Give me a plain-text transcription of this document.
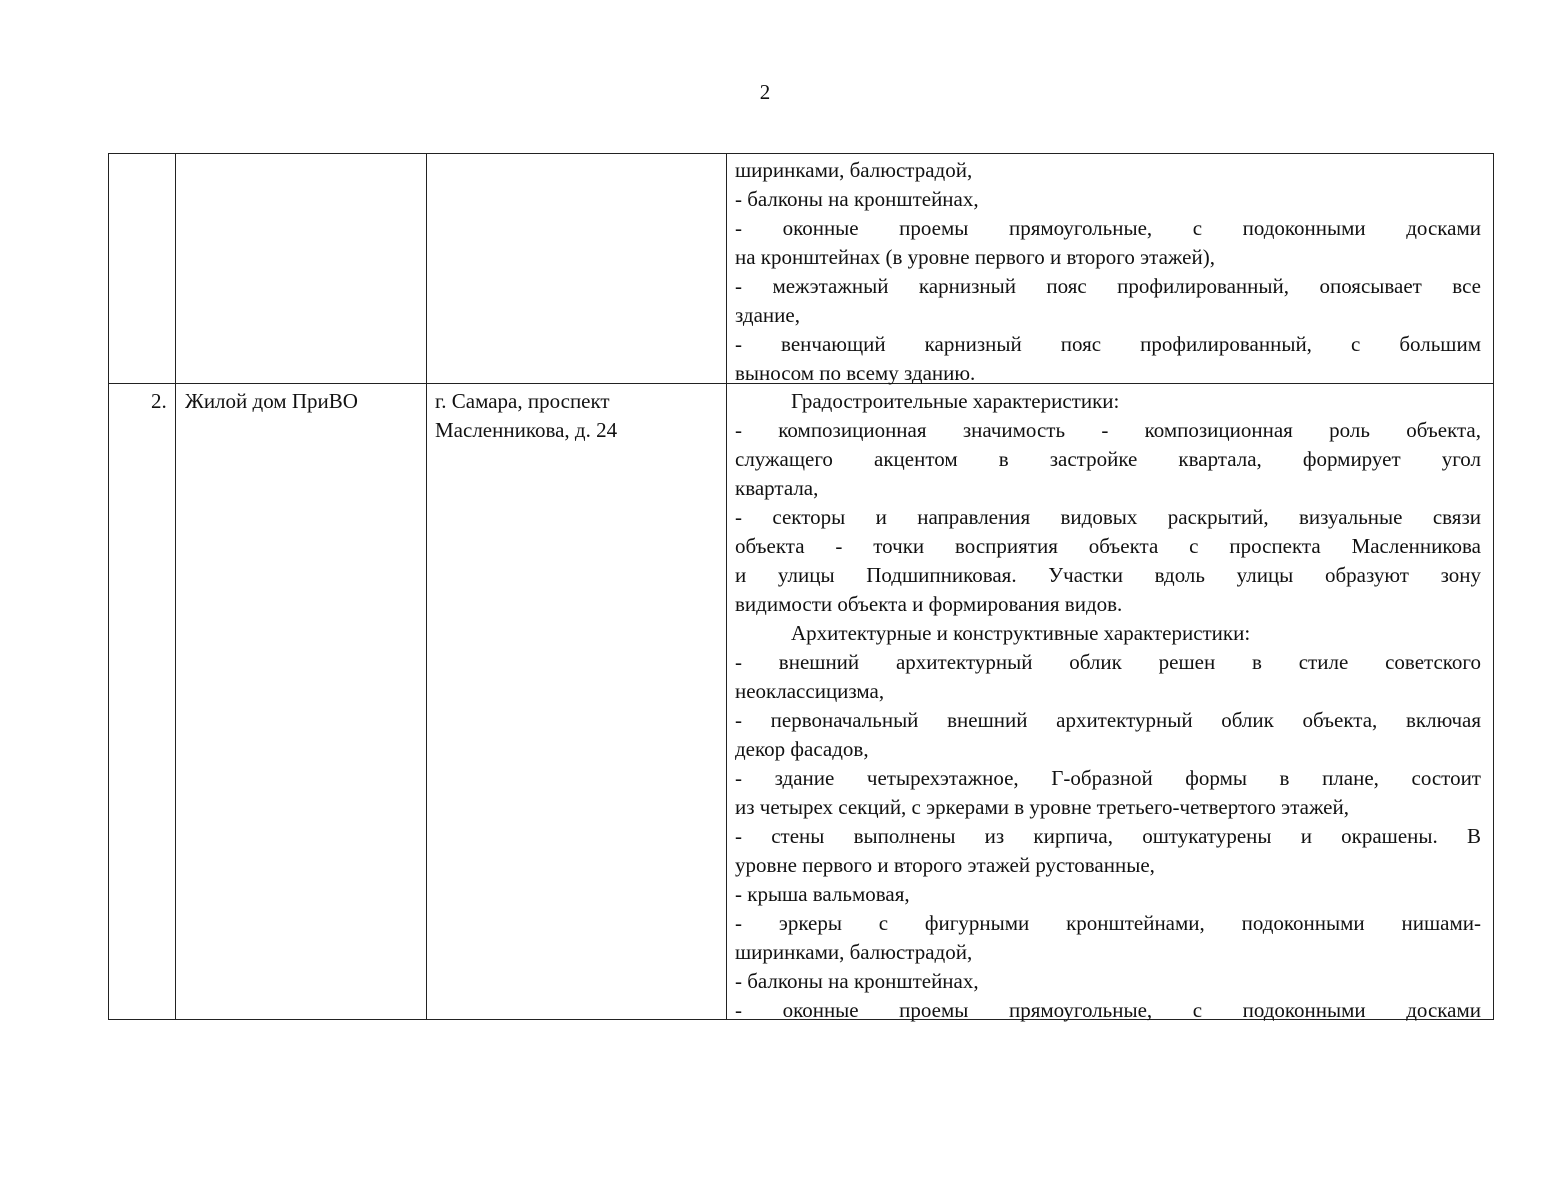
2
ширинками, балюстрадой,
- балконы на кронштейнах,
- оконные проемы прямоугольные, с подоконными досками
на кронштейнах (в уровне первого и второго этажей),
- межэтажный карнизный пояс профилированный, опоясывает все
здание,
- венчающий карнизный пояс профилированный, с большим
выносом по всему зданию.
2. Жилой дом ПриВО	г. Самара, проспект
Масленникова, д. 24
Градостроительные характеристики:
- композиционная значимость - композиционная роль объекта,
служащего акцентом в застройке квартала, формирует угол
квартала,
- секторы и направления видовых раскрытий, визуальные связи
объекта - точки восприятия объекта с проспекта Масленникова
и улицы Подшипниковая. Участки вдоль улицы образуют зону
видимости объекта и формирования видов.
Архитектурные и конструктивные характеристики:
- внешний архитектурный облик решен в стиле советского
неоклассицизма,
- первоначальный внешний архитектурный облик объекта, включая
декор фасадов,
- здание четырехэтажное, Г-образной формы в плане, состоит
из четырех секций, с эркерами в уровне третьего-четвертого этажей,
- стены выполнены из кирпича, оштукатурены и окрашены. В
уровне первого и второго этажей рустованные,
- крыша вальмовая,
- эркеры с фигурными кронштейнами, подоконными нишами-
ширинками, балюстрадой,
- балконы на кронштейнах,
- оконные проемы прямоугольные, с подоконными досками
